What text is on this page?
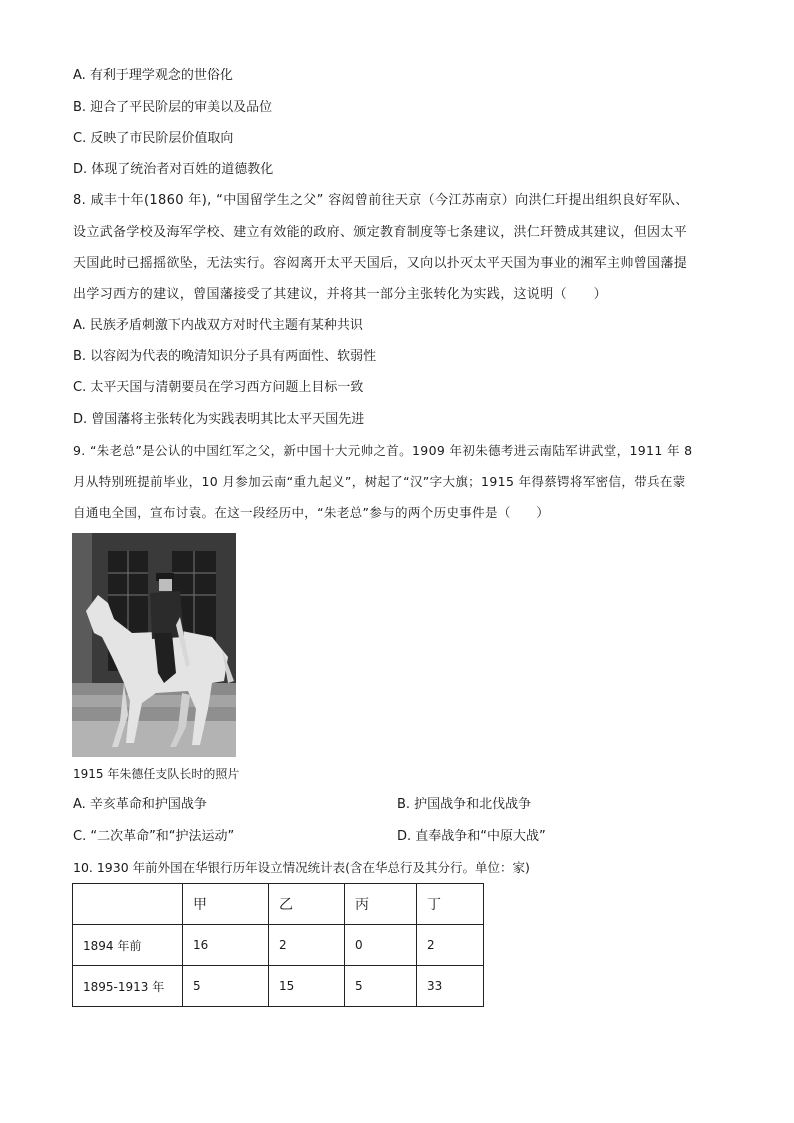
A. 有利于理学观念的世俗化
B. 迎合了平民阶层的审美以及品位
C. 反映了市民阶层价值取向
D. 体现了统治者对百姓的道德教化
8. 咸丰十年(1860 年), “中国留学生之父” 容闳曾前往天京（今江苏南京）向洪仁玕提出组织良好军队、
设立武备学校及海军学校、建立有效能的政府、颁定教育制度等七条建议，洪仁玕赞成其建议，但因太平
天国此时已摇摇欲坠，无法实行。容闳离开太平天国后，又向以扑灭太平天国为事业的湘军主帅曾国藩提
出学习西方的建议，曾国藩接受了其建议，并将其一部分主张转化为实践，这说明（　　）
A. 民族矛盾刺激下内战双方对时代主题有某种共识
B. 以容闳为代表的晚清知识分子具有两面性、软弱性
C. 太平天国与清朝要员在学习西方问题上目标一致
D. 曾国藩将主张转化为实践表明其比太平天国先进
9. “朱老总”是公认的中国红军之父，新中国十大元帅之首。1909 年初朱德考进云南陆军讲武堂，1911 年 8
月从特别班提前毕业，10 月参加云南“重九起义”，树起了“汉”字大旗；1915 年得蔡锷将军密信，带兵在蒙
自通电全国，宣布讨袁。在这一段经历中，“朱老总”参与的两个历史事件是（　　）
1915 年朱德任支队长时的照片
A. 辛亥革命和护国战争	B. 护国战争和北伐战争
C. “二次革命”和“护法运动”	D. 直奉战争和“中原大战”
10. 1930 年前外国在华银行历年设立情况统计表(含在华总行及其分行。单位：家)
	甲	乙	丙	丁
1894 年前	16	2	0	2
1895-1913 年	5	15	5	33
